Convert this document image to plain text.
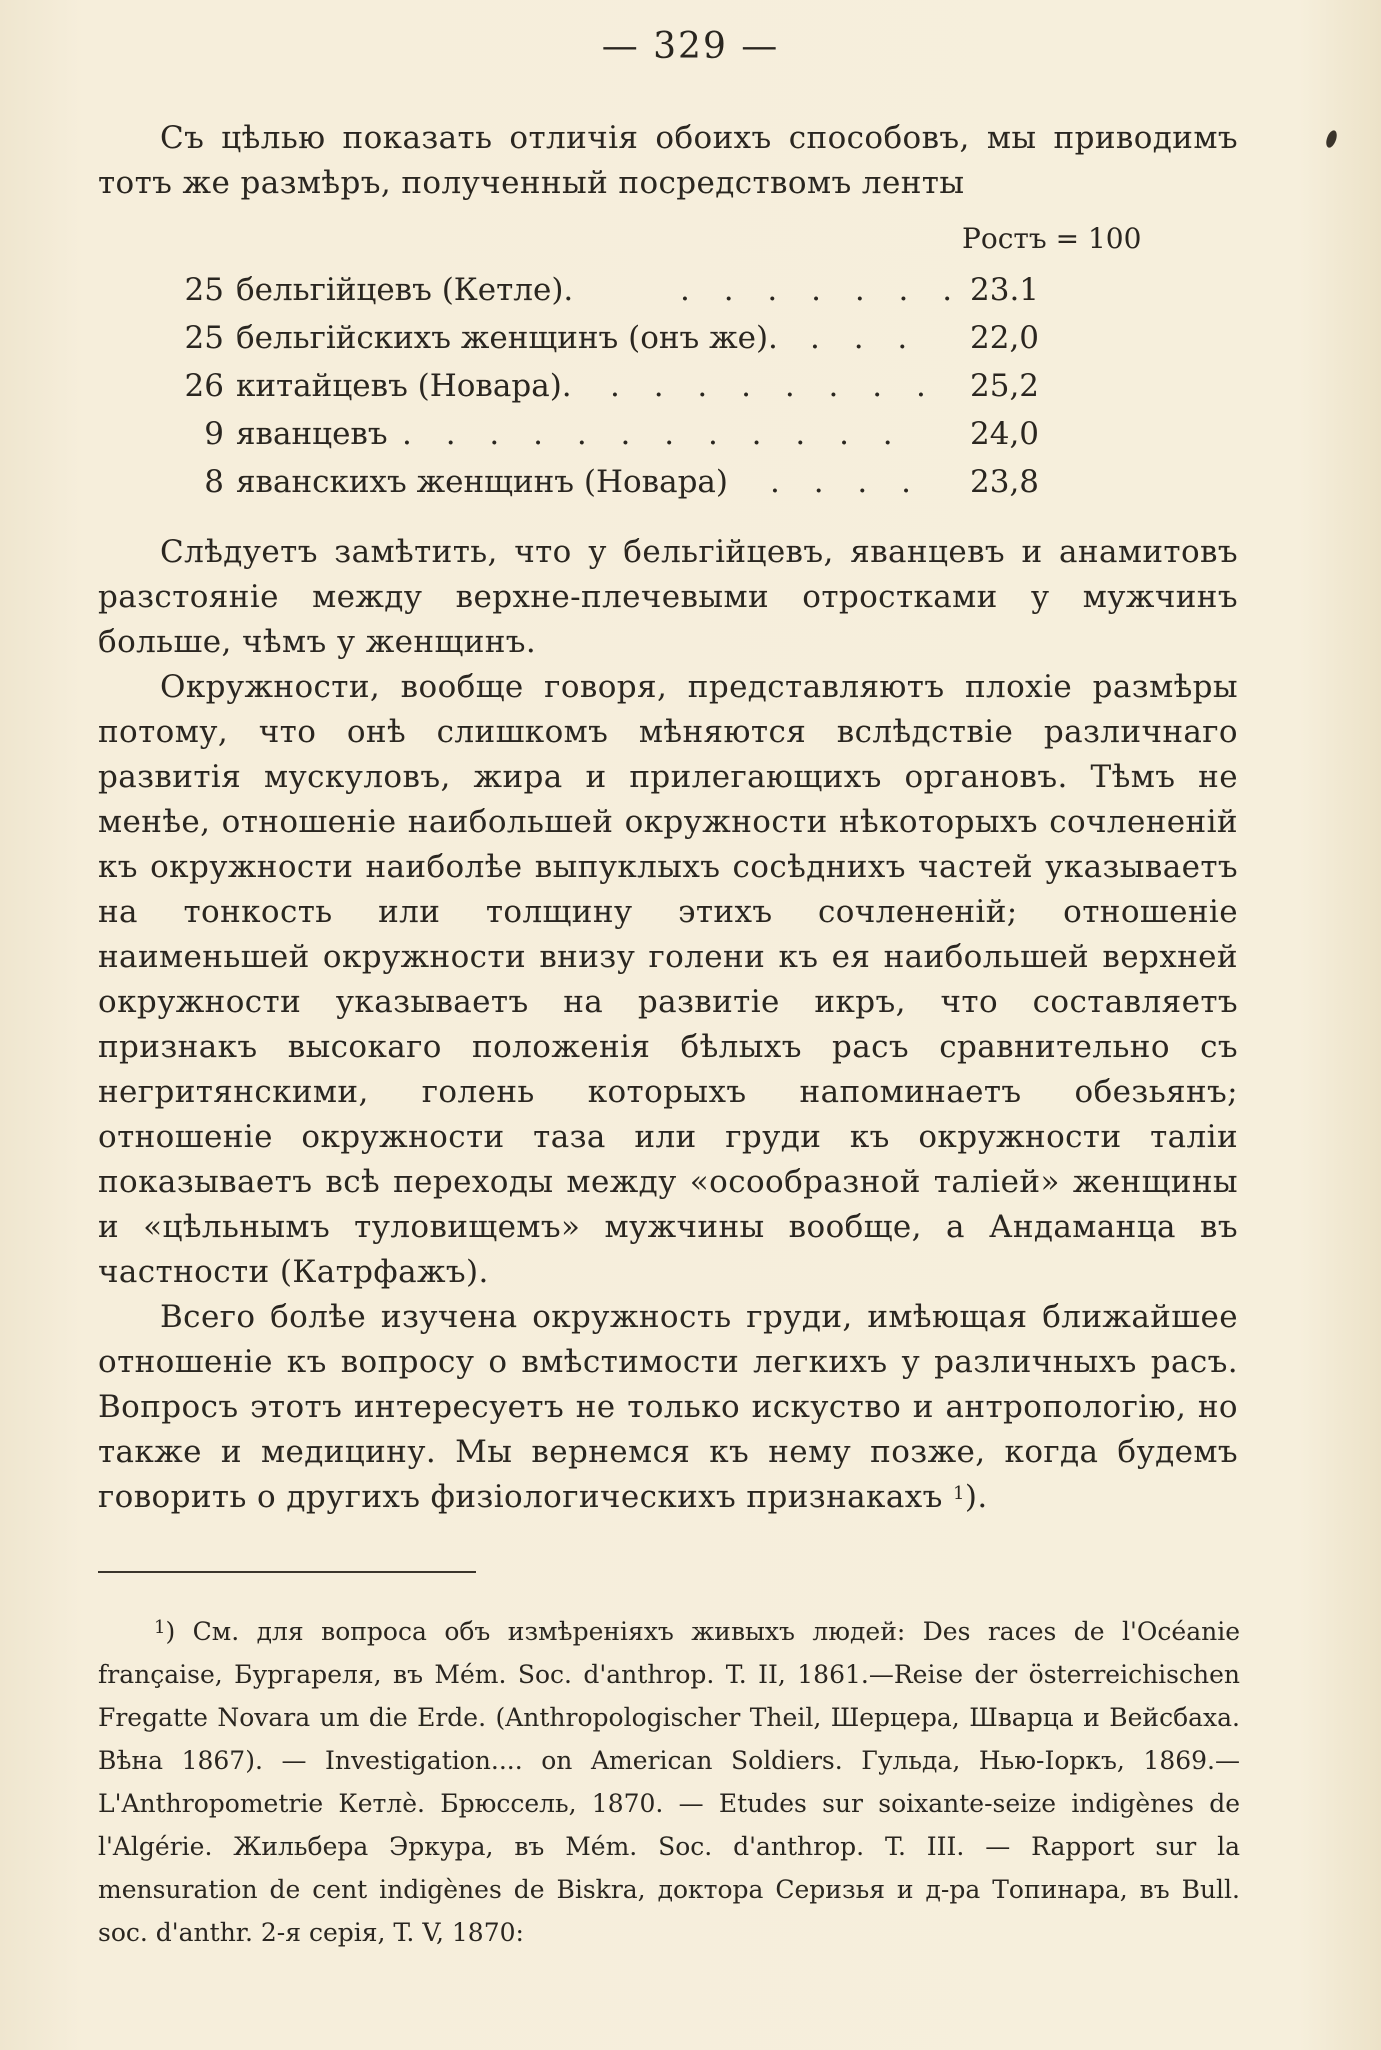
— 329 —

Съ цѣлью показать отличія обоихъ способовъ, мы приводимъ тотъ же размѣръ, полученный посредствомъ ленты

Ростъ = 100
25 бельгійцевъ (Кетле).	. . . . . . . 23.1
25 бельгійскихъ женщинъ (онъ же). . . . 22,0
26 китайцевъ (Новара). . . . . . . . . 25,2
9 яванцевъ . . . . . . . . . . . . 24,0
8 яванскихъ женщинъ (Новара) . . . . 23,8

Слѣдуетъ замѣтить, что у бельгійцевъ, яванцевъ и анамитовъ разстояніе между верхне-плечевыми отростками у мужчинъ больше, чѣмъ у женщинъ.

Окружности, вообще говоря, представляютъ плохіе размѣры потому, что онѣ слишкомъ мѣняются вслѣдствіе различнаго развитія мускуловъ, жира и прилегающихъ органовъ. Тѣмъ не менѣе, отношеніе наибольшей окружности нѣкоторыхъ сочлененій къ окружности наиболѣе выпуклыхъ сосѣднихъ частей указываетъ на тонкость или толщину этихъ сочлененій; отношеніе наименьшей окружности внизу голени къ ея наибольшей верхней окружности указываетъ на развитіе икръ, что составляетъ признакъ высокаго положенія бѣлыхъ расъ сравнительно съ негритянскими, голень которыхъ напоминаетъ обезьянъ; отношеніе окружности таза или груди къ окружности таліи показываетъ всѣ переходы между «осообразной таліей» женщины и «цѣльнымъ туловищемъ» мужчины вообще, а Андаманца въ частности (Катрфажъ).

Всего болѣе изучена окружность груди, имѣющая ближайшее отношеніе къ вопросу о вмѣстимости легкихъ у различныхъ расъ. Вопросъ этотъ интересуетъ не только искуство и антропологію, но также и медицину. Мы вернемся къ нему позже, когда будемъ говорить о другихъ физіологическихъ признакахъ $^1$).

$^1$) См. для вопроса объ измѣреніяхъ живыхъ людей: Des races de l'Océanie française, Бургареля, въ Mém. Soc. d'anthrop. T. II, 1861.—Reise der österreichischen Fregatte Novara um die Erde. (Anthropologischer Theil, Шерцера, Шварца и Вейсбаха. Вѣна 1867). — Investigation.... on American Soldiers. Гульда, Нью-Іоркъ, 1869.—L'Anthropometrie Кетлѐ. Брюссель, 1870. — Etudes sur soixante-seize indigènes de l'Algérie. Жильбера Эркура, въ Mém. Soc. d'anthrop. T. III. — Rapport sur la mensuration de cent indigènes de Biskra, доктора Серизья и д-ра Топинара, въ Bull. soc. d'anthr. 2-я серія, T. V, 1870:
